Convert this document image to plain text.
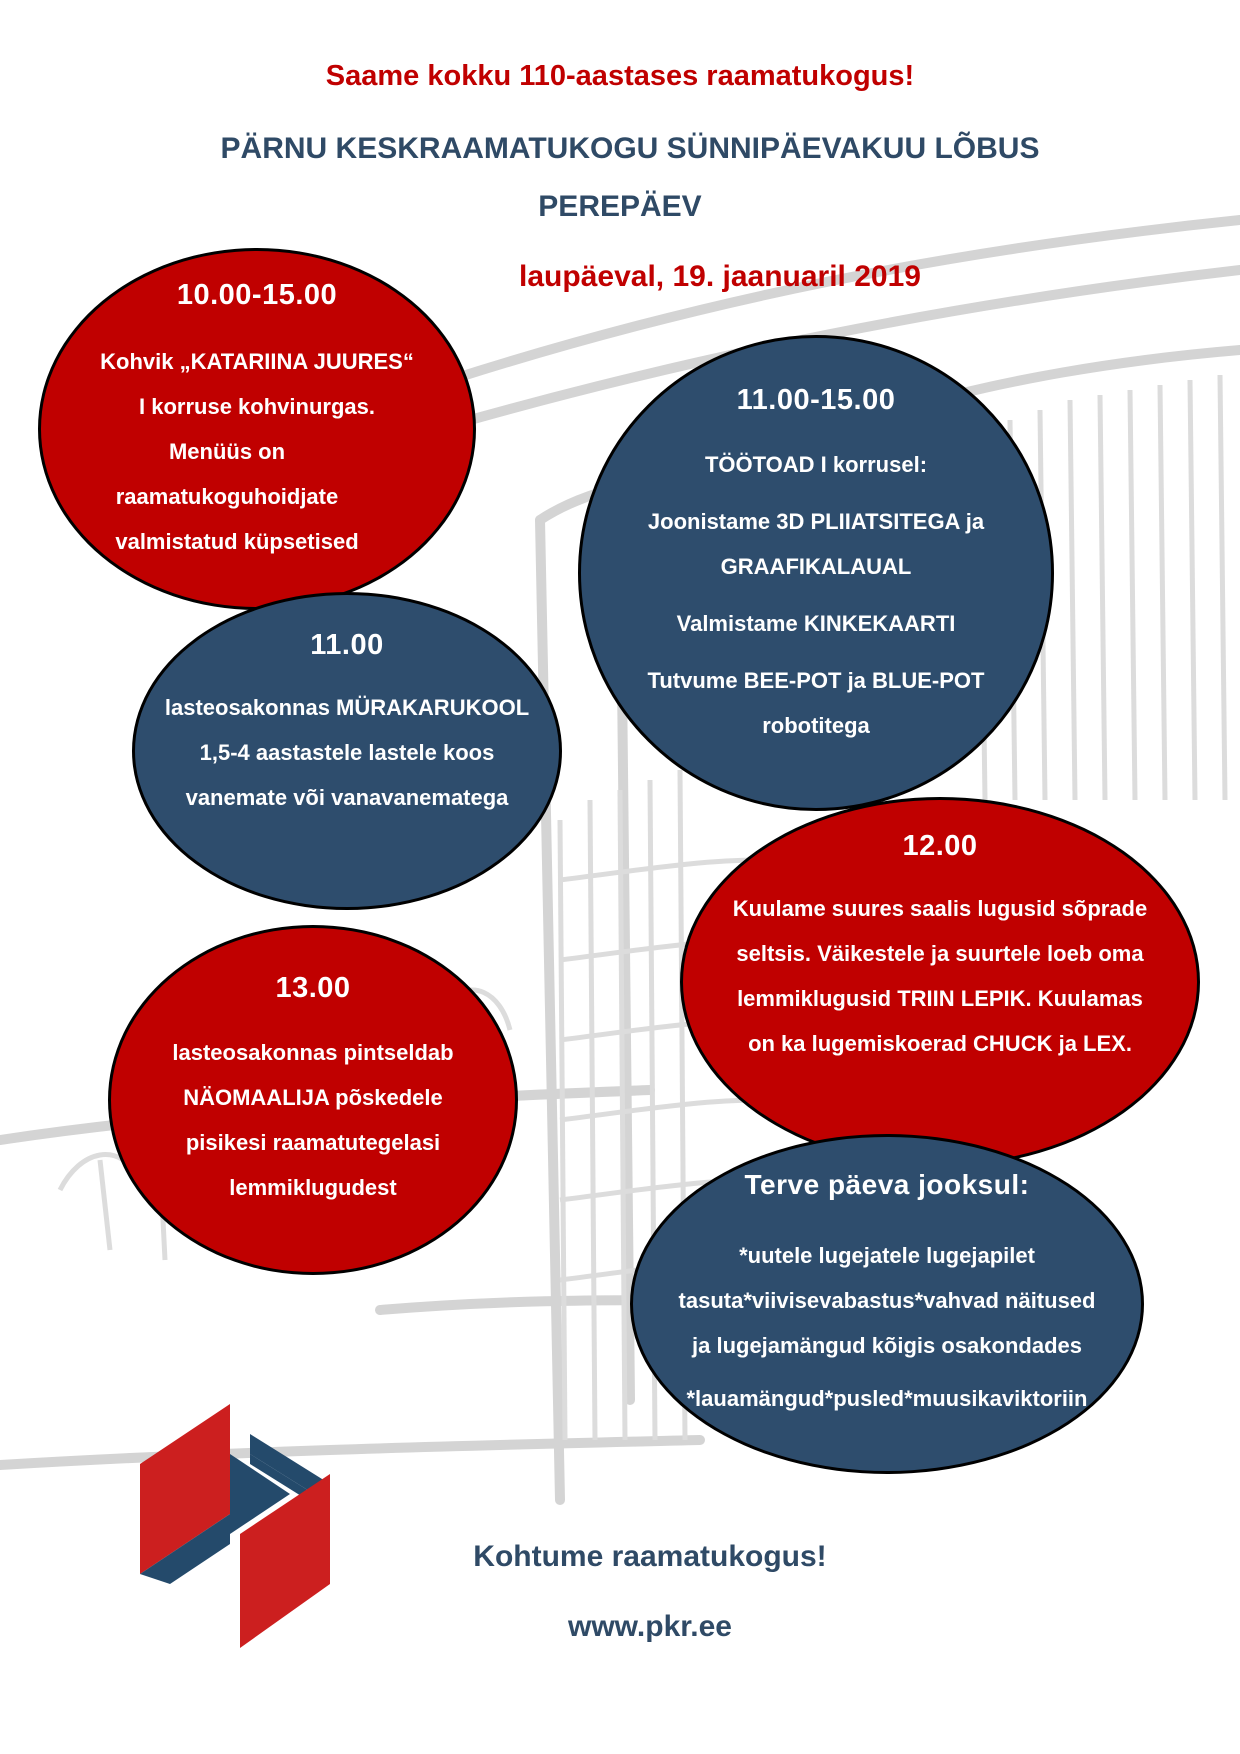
Saame kokku 110-aastases raamatukogus!

PÄRNU KESKRAAMATUKOGU SÜNNIPÄEVAKUU LÕBUS

PEREPÄEV

laupäeval, 19. jaanuaril 2019

10.00-15.00
Kohvik „KATARIINA JUURES“
I korruse kohvinurgas.
Menüüs on
raamatukoguhoidjate
valmistatud küpsetised
11.00-15.00
TÖÖTOAD I korrusel:
Joonistame 3D PLIIATSITEGA ja
GRAAFIKALAUAL
Valmistame KINKEKAARTI
Tutvume BEE-POT ja BLUE-POT
robotitega
11.00
lasteosakonnas MÜRAKARUKOOL
1,5-4 aastastele lastele koos
vanemate või vanavanematega
12.00
Kuulame suures saalis lugusid sõprade
seltsis. Väikestele ja suurtele loeb oma
lemmiklugusid TRIIN LEPIK. Kuulamas
on ka lugemiskoerad CHUCK ja LEX.
13.00
lasteosakonnas pintseldab
NÄOMAALIJA põskedele
pisikesi raamatutegelasi
lemmiklugudest	Terve päeva jooksul:
*uutele lugejatele lugejapilet
tasuta*viivisevabastus*vahvad näitused
ja lugejamängud kõigis osakondades
*lauamängud*pusled*muusikaviktoriin

Kohtume raamatukogus!

www.pkr.ee
